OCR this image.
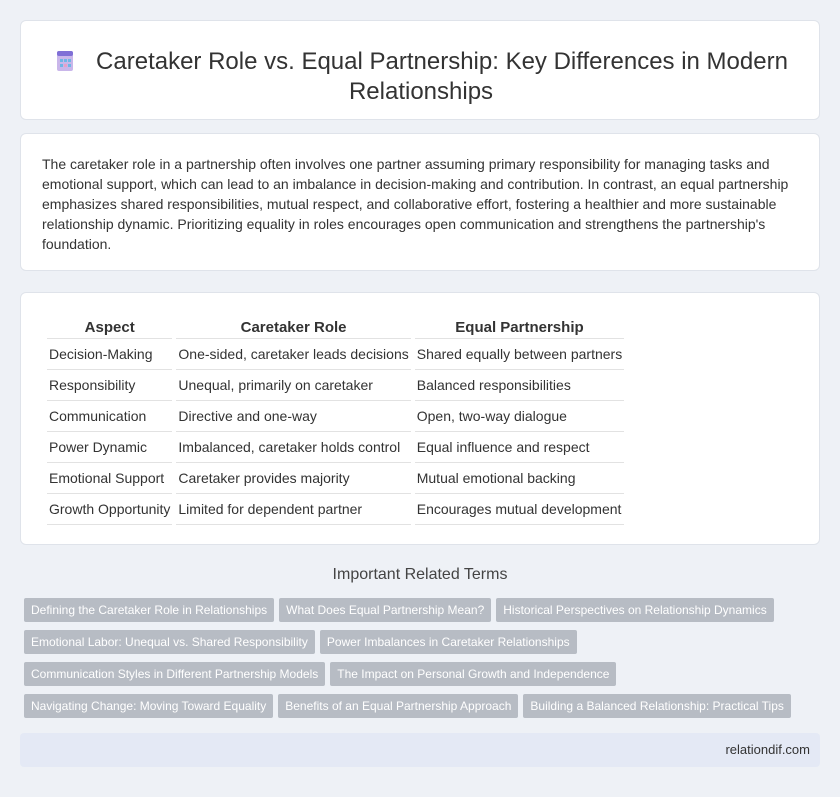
Caretaker Role vs. Equal Partnership: Key Differences in Modern Relationships

The caretaker role in a partnership often involves one partner assuming primary responsibility for managing tasks and emotional support, which can lead to an imbalance in decision-making and contribution. In contrast, an equal partnership emphasizes shared responsibilities, mutual respect, and collaborative effort, fostering a healthier and more sustainable relationship dynamic. Prioritizing equality in roles encourages open communication and strengthens the partnership's foundation.

Aspect	Caretaker Role	Equal Partnership
Decision-Making	One-sided, caretaker leads decisions	Shared equally between partners
Responsibility	Unequal, primarily on caretaker	Balanced responsibilities
Communication	Directive and one-way	Open, two-way dialogue
Power Dynamic	Imbalanced, caretaker holds control	Equal influence and respect
Emotional Support	Caretaker provides majority	Mutual emotional backing
Growth Opportunity	Limited for dependent partner	Encourages mutual development
Important Related Terms
Defining the Caretaker Role in Relationships What Does Equal Partnership Mean? Historical Perspectives on Relationship Dynamics
Emotional Labor: Unequal vs. Shared Responsibility Power Imbalances in Caretaker Relationships
Communication Styles in Different Partnership Models The Impact on Personal Growth and Independence
Navigating Change: Moving Toward Equality Benefits of an Equal Partnership Approach Building a Balanced Relationship: Practical Tips
relationdif.com
